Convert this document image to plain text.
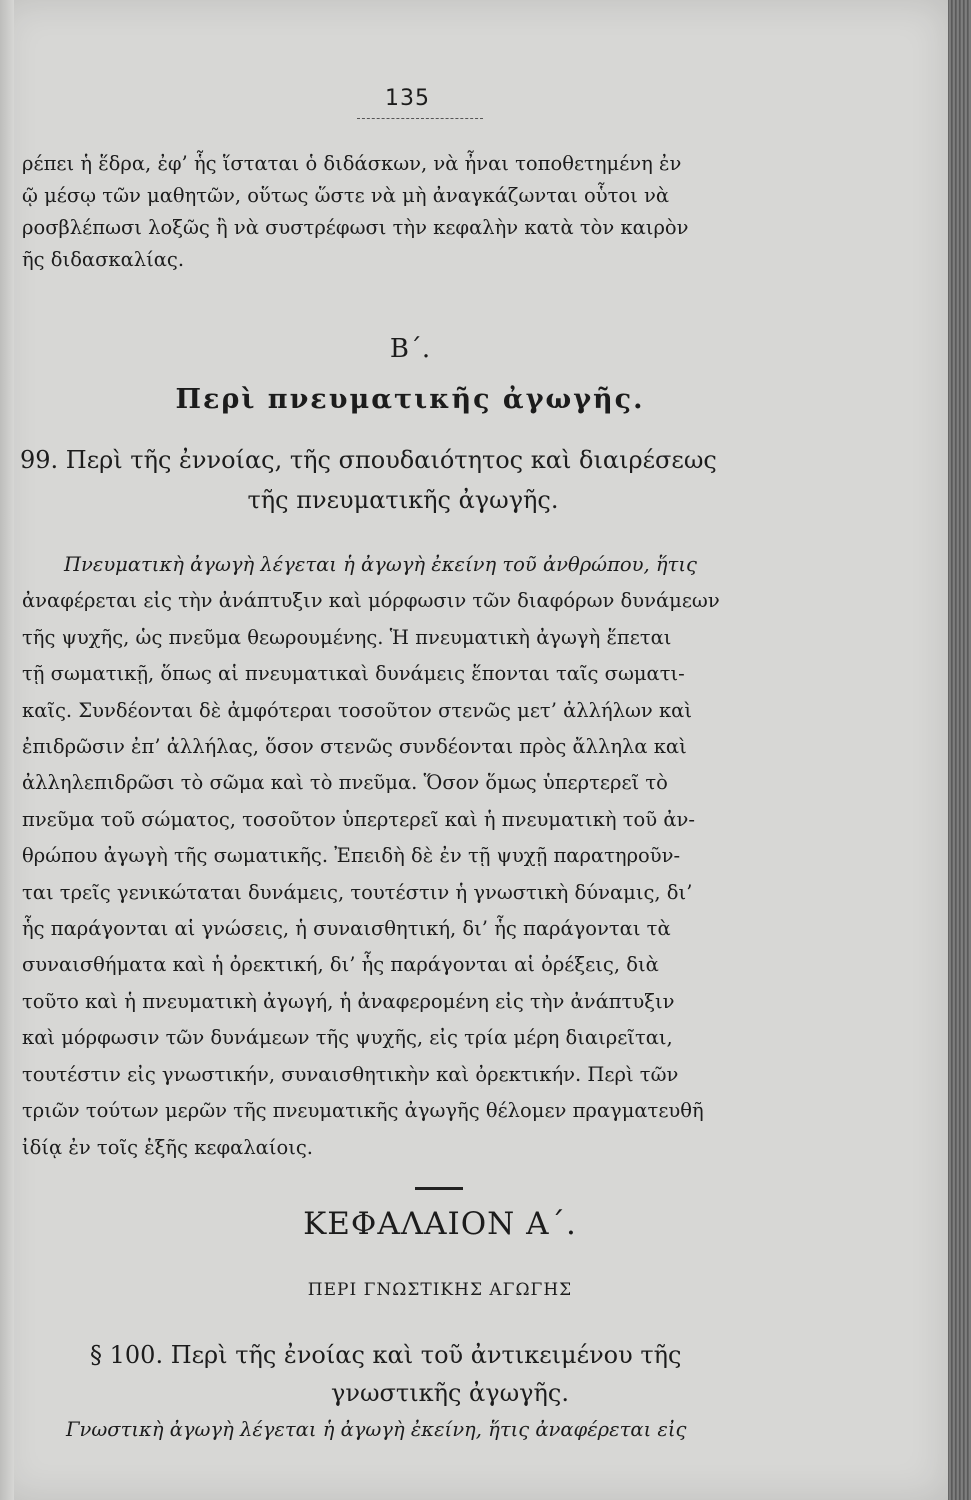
135
ρέπει ἡ ἕδρα, ἐφ’ ἧς ἵσταται ὁ διδάσκων, νὰ ἦναι τοποθετημένη ἐν
ῷ μέσῳ τῶν μαθητῶν, οὕτως ὥστε νὰ μὴ ἀναγκάζωνται οὗτοι νὰ
ροσβλέπωσι λοξῶς ἢ νὰ συστρέφωσι τὴν κεφαλὴν κατὰ τὸν καιρὸν
ῆς διδασκαλίας.
Β΄.
Περὶ πνευματικῆς ἀγωγῆς.
99. Περὶ τῆς ἐννοίας, τῆς σπουδαιότητος καὶ διαιρέσεως
τῆς πνευματικῆς ἀγωγῆς.
Πνευματικὴ ἀγωγὴ λέγεται ἡ ἀγωγὴ ἐκείνη τοῦ ἀνθρώπου, ἥτις
ἀναφέρεται εἰς τὴν ἀνάπτυξιν καὶ μόρφωσιν τῶν διαφόρων δυνάμεων
τῆς ψυχῆς, ὡς πνεῦμα θεωρουμένης. Ἡ πνευματικὴ ἀγωγὴ ἕπεται
τῇ σωματικῇ, ὅπως αἱ πνευματικαὶ δυνάμεις ἕπονται ταῖς σωματι-
καῖς. Συνδέονται δὲ ἀμφότεραι τοσοῦτον στενῶς μετ’ ἀλλήλων καὶ
ἐπιδρῶσιν ἐπ’ ἀλλήλας, ὅσον στενῶς συνδέονται πρὸς ἄλληλα καὶ
ἀλληλεπιδρῶσι τὸ σῶμα καὶ τὸ πνεῦμα. Ὅσον ὅμως ὑπερτερεῖ τὸ
πνεῦμα τοῦ σώματος, τοσοῦτον ὑπερτερεῖ καὶ ἡ πνευματικὴ τοῦ ἀν-
θρώπου ἀγωγὴ τῆς σωματικῆς. Ἐπειδὴ δὲ ἐν τῇ ψυχῇ παρατηροῦν-
ται τρεῖς γενικώταται δυνάμεις, τουτέστιν ἡ γνωστικὴ δύναμις, δι’
ἧς παράγονται αἱ γνώσεις, ἡ συναισθητική, δι’ ἧς παράγονται τὰ
συναισθήματα καὶ ἡ ὀρεκτική, δι’ ἧς παράγονται αἱ ὀρέξεις, διὰ
τοῦτο καὶ ἡ πνευματικὴ ἀγωγή, ἡ ἀναφερομένη εἰς τὴν ἀνάπτυξιν
καὶ μόρφωσιν τῶν δυνάμεων τῆς ψυχῆς, εἰς τρία μέρη διαιρεῖται,
τουτέστιν εἰς γνωστικήν, συναισθητικὴν καὶ ὀρεκτικήν. Περὶ τῶν
τριῶν τούτων μερῶν τῆς πνευματικῆς ἀγωγῆς θέλομεν πραγματευθῆ
ἰδίᾳ ἐν τοῖς ἑξῆς κεφαλαίοις.
ΚΕΦΑΛΑΙΟΝ Α΄.
ΠΕΡΙ ΓΝΩΣΤΙΚΗΣ ΑΓΩΓΗΣ
§ 100. Περὶ τῆς ἐνοίας καὶ τοῦ ἀντικειμένου τῆς
γνωστικῆς ἀγωγῆς.
Γνωστικὴ ἀγωγὴ λέγεται ἡ ἀγωγὴ ἐκείνη, ἥτις ἀναφέρεται εἰς
